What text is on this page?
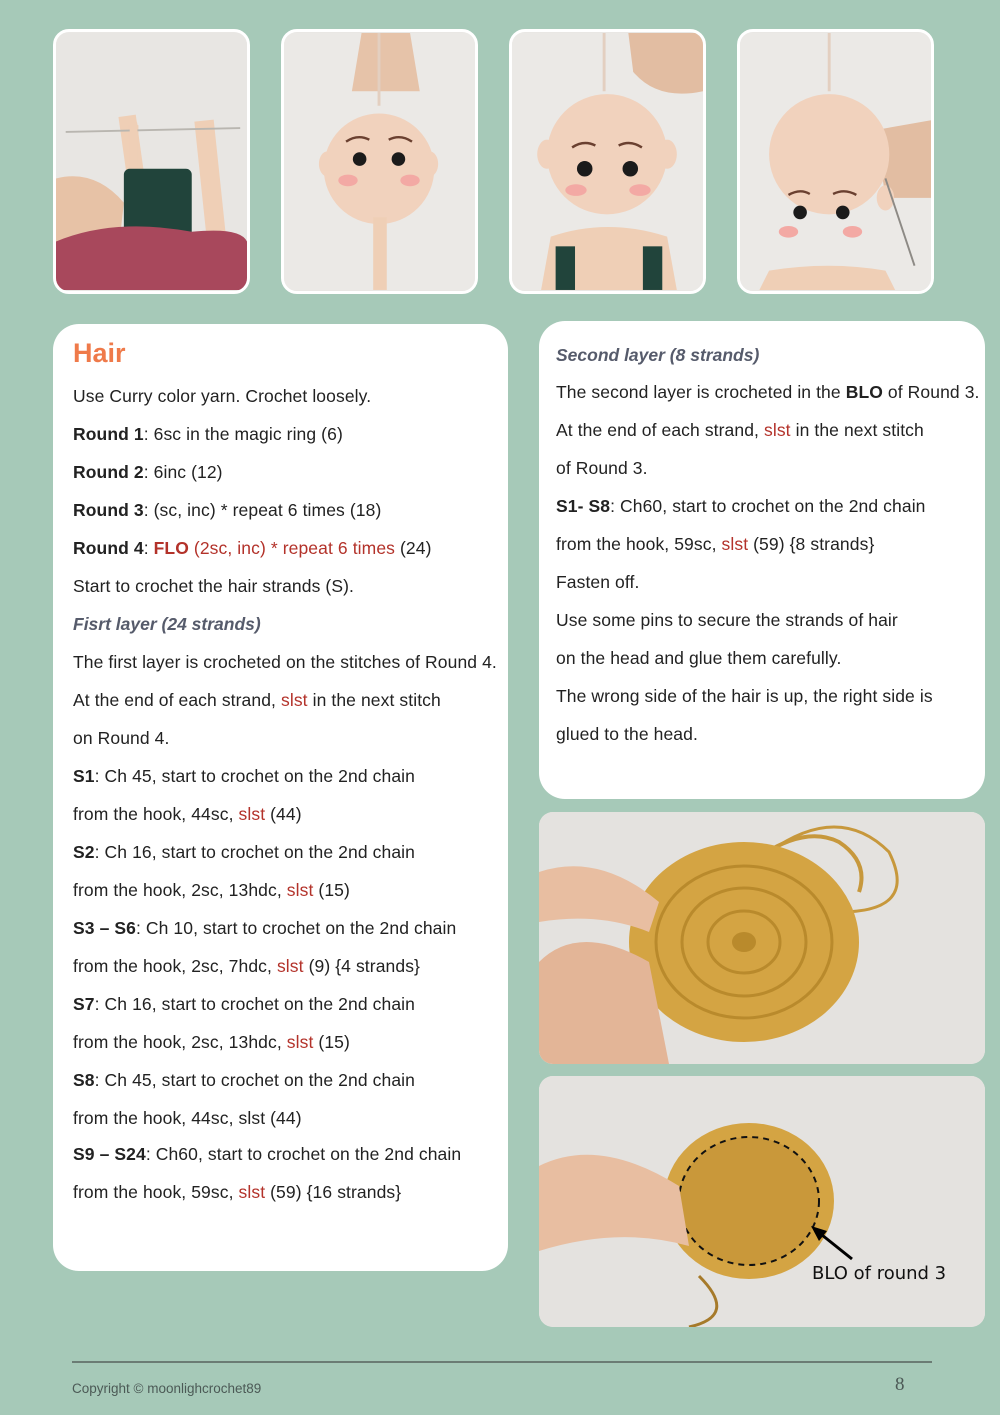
Hair
Use Curry color yarn. Crochet loosely.
Round 1: 6sc in the magic ring (6)
Round 2: 6inc (12)
Round 3: (sc, inc) * repeat 6 times (18)
Round 4: FLO (2sc, inc) * repeat 6 times (24)
Start to crochet the hair strands (S).
Fisrt layer (24 strands)
The first layer is crocheted on the stitches of Round 4.
At the end of each strand, slst in the next stitch
on Round 4.
S1: Ch 45, start to crochet on the 2nd chain
from the hook, 44sc, slst (44)
S2: Ch 16, start to crochet on the 2nd chain
from the hook, 2sc, 13hdc, slst (15)
S3 – S6: Ch 10, start to crochet on the 2nd chain
from the hook, 2sc, 7hdc, slst (9) {4 strands}
S7: Ch 16, start to crochet on the 2nd chain
from the hook, 2sc, 13hdc, slst (15)
S8: Ch 45, start to crochet on the 2nd chain
from the hook, 44sc, slst (44)
S9 – S24: Ch60, start to crochet on the 2nd chain
from the hook, 59sc, slst (59) {16 strands}
Second layer (8 strands)
The second layer is crocheted in the BLO of Round 3.
At the end of each strand, slst in the next stitch
of Round 3.
S1- S8: Ch60, start to crochet on the 2nd chain
from the hook, 59sc, slst (59) {8 strands}
Fasten off.
Use some pins to secure the strands of hair
on the head and glue them carefully.
The wrong side of the hair is up, the right side is
glued to the head.
BLO of round 3
Copyright © moonlighcrochet89	8
